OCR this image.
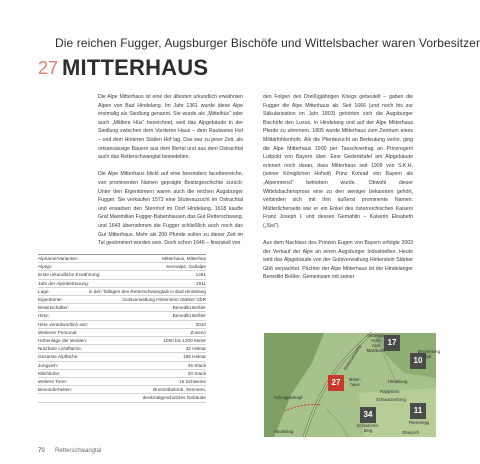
Die reichen Fugger, Augsburger Bischöfe und Wittelsbacher waren Vorbesitzer
27 MITTERHAUS

Die Alpe Mitterhaus ist eine der ältesten urkundlich erwähnten Alpen von Bad Hindelang. Im Jahr 1361 wurde diese Alpe erstmalig als Siedlung genannt. Sie wurde als „Mittelhüs“ oder auch „Mittlere Hüs“ bezeichnet, weil das Alpgebäude in der Siedlung zwischen dem Vorderen Haus – dem Rautweies Hof – und dem Hinteren Ställen Hof lag. Das war zu jener Zeit, als ortsansässige Bauern aus dem Illertal und aus dem Ostrachtal auch das Retterschwangtal besiedelten.

Die Alpe Mitterhaus blickt auf eine besonders facettenreiche, von prominenten Namen geprägte Besitzgeschichte zurück: Unter den Eigentümern waren auch die reichen Augsburger Fugger. Sie verkaufen 1572 eine Stuterauzucht im Ostrachtal und erwarben den Sternhof im Dorf Hindelang. 1618 kaufte Graf Maximilian Fugger-Babenhausen das Gut Retterschwang, und 1643 übernahmen die Fugger schließlich auch noch das Gut Mitterhaus. Mehr als 200 Pfunde sollen zu dieser Zeit im Tal gesömmert worden sein. Doch schon 1646 – finanziell von

den Folgen des Dreißigjährigen Kriegs gebeutelt – gaben die Fugger die Alpe Mitterhaus ab. Seit 1666 (und noch bis zur Säkularisation im Jahr 1803) gehörten sich die Augsburger Bischöfe den Luxus, in Hindelang und auf der Alpe Mitterhaus Pferde zu sömmern. 1805 wurde Mitterhaus zum Zentrum eines Militärfohlenhofs. Als die Pferdezucht an Bedeutung verlor, ging die Alpe Mitterhaus 1900 per Tauschvertrag an Prinzregent Luitpold von Bayern über. Eine Gedenktafel am Alpgebäude erinnert noch daran, dass Mitterhaus seit 1909 von S.K.H. (seiner Königlichen Hoheit) Prinz Konrad von Bayern als „Alpenmensl“ betrieben wurde. Obwohl dieser Wittelsbacherspross eine zu den weniger bekannten gehört, verbinden sich mit ihm äußerst prominente Namen: Mütterlicherseits war er ein Enkel des österreichischen Kaisers Franz Joseph I. und dessen Gemahlin – Kaiserin Elisabeth („Sisi“).

Aus dem Nachlass des Prinzen Eugen von Bayern erfolgte 2003 der Verkauf der Alpe an einen Augsburger Industriellen. Heute wird das Alpgebäude von der Gutsverwaltung Hinterstein Stärker Gbß verpachtet. Pächter der Alpe Mitterhaus ist der Hindelanger Benedikt Beßler. Gemeinsam mit seiner

Alpname/Varianten:	Mitterhaus, Mitterhüs
Alptyp:	Sennalpe, Galtalpe
Erste urkundliche Erwähnung:	1361
Jahr der Alpinbetreuung:	1911
Lage:	in den Tallagen des Retterschwangtals in Bad Hindelang
Eigentümer:	Gutsverwaltung Hinterstein Stärker GbR
Bewirtschafter:	Benedikt Beßler
Hirte:	Benedikt Beßler
Hirte verantwortlich seit:	2010
Weiteres Personal:	Zusenn
Höhenlage der Weiden:	1050 bis 1200 Meter
Nutzbare Lichtfläche:	32 Hektar
Gesamte Alpfläche:	185 Hektar
Jungvieh:	45 Stück
Milchkühe:	20 Stück
Weitere Tiere:	15 Schweine
Besonderheiten:	Brotzeitbetrieb, Sennerei,
denkmalgeschütztes Gebäude
17
Imberger Horn
Alpe
Matzbach
10
Breitenberg
Alpe
27	Mitter-
haus
34
Schwarzen-
berg
11
Riesenegg
Retterschwang
Schnippenkopf
Hindelang
Rappstein
Schwarzenberg
Hindelang	Oberjoch
70 Retterschwangtal
